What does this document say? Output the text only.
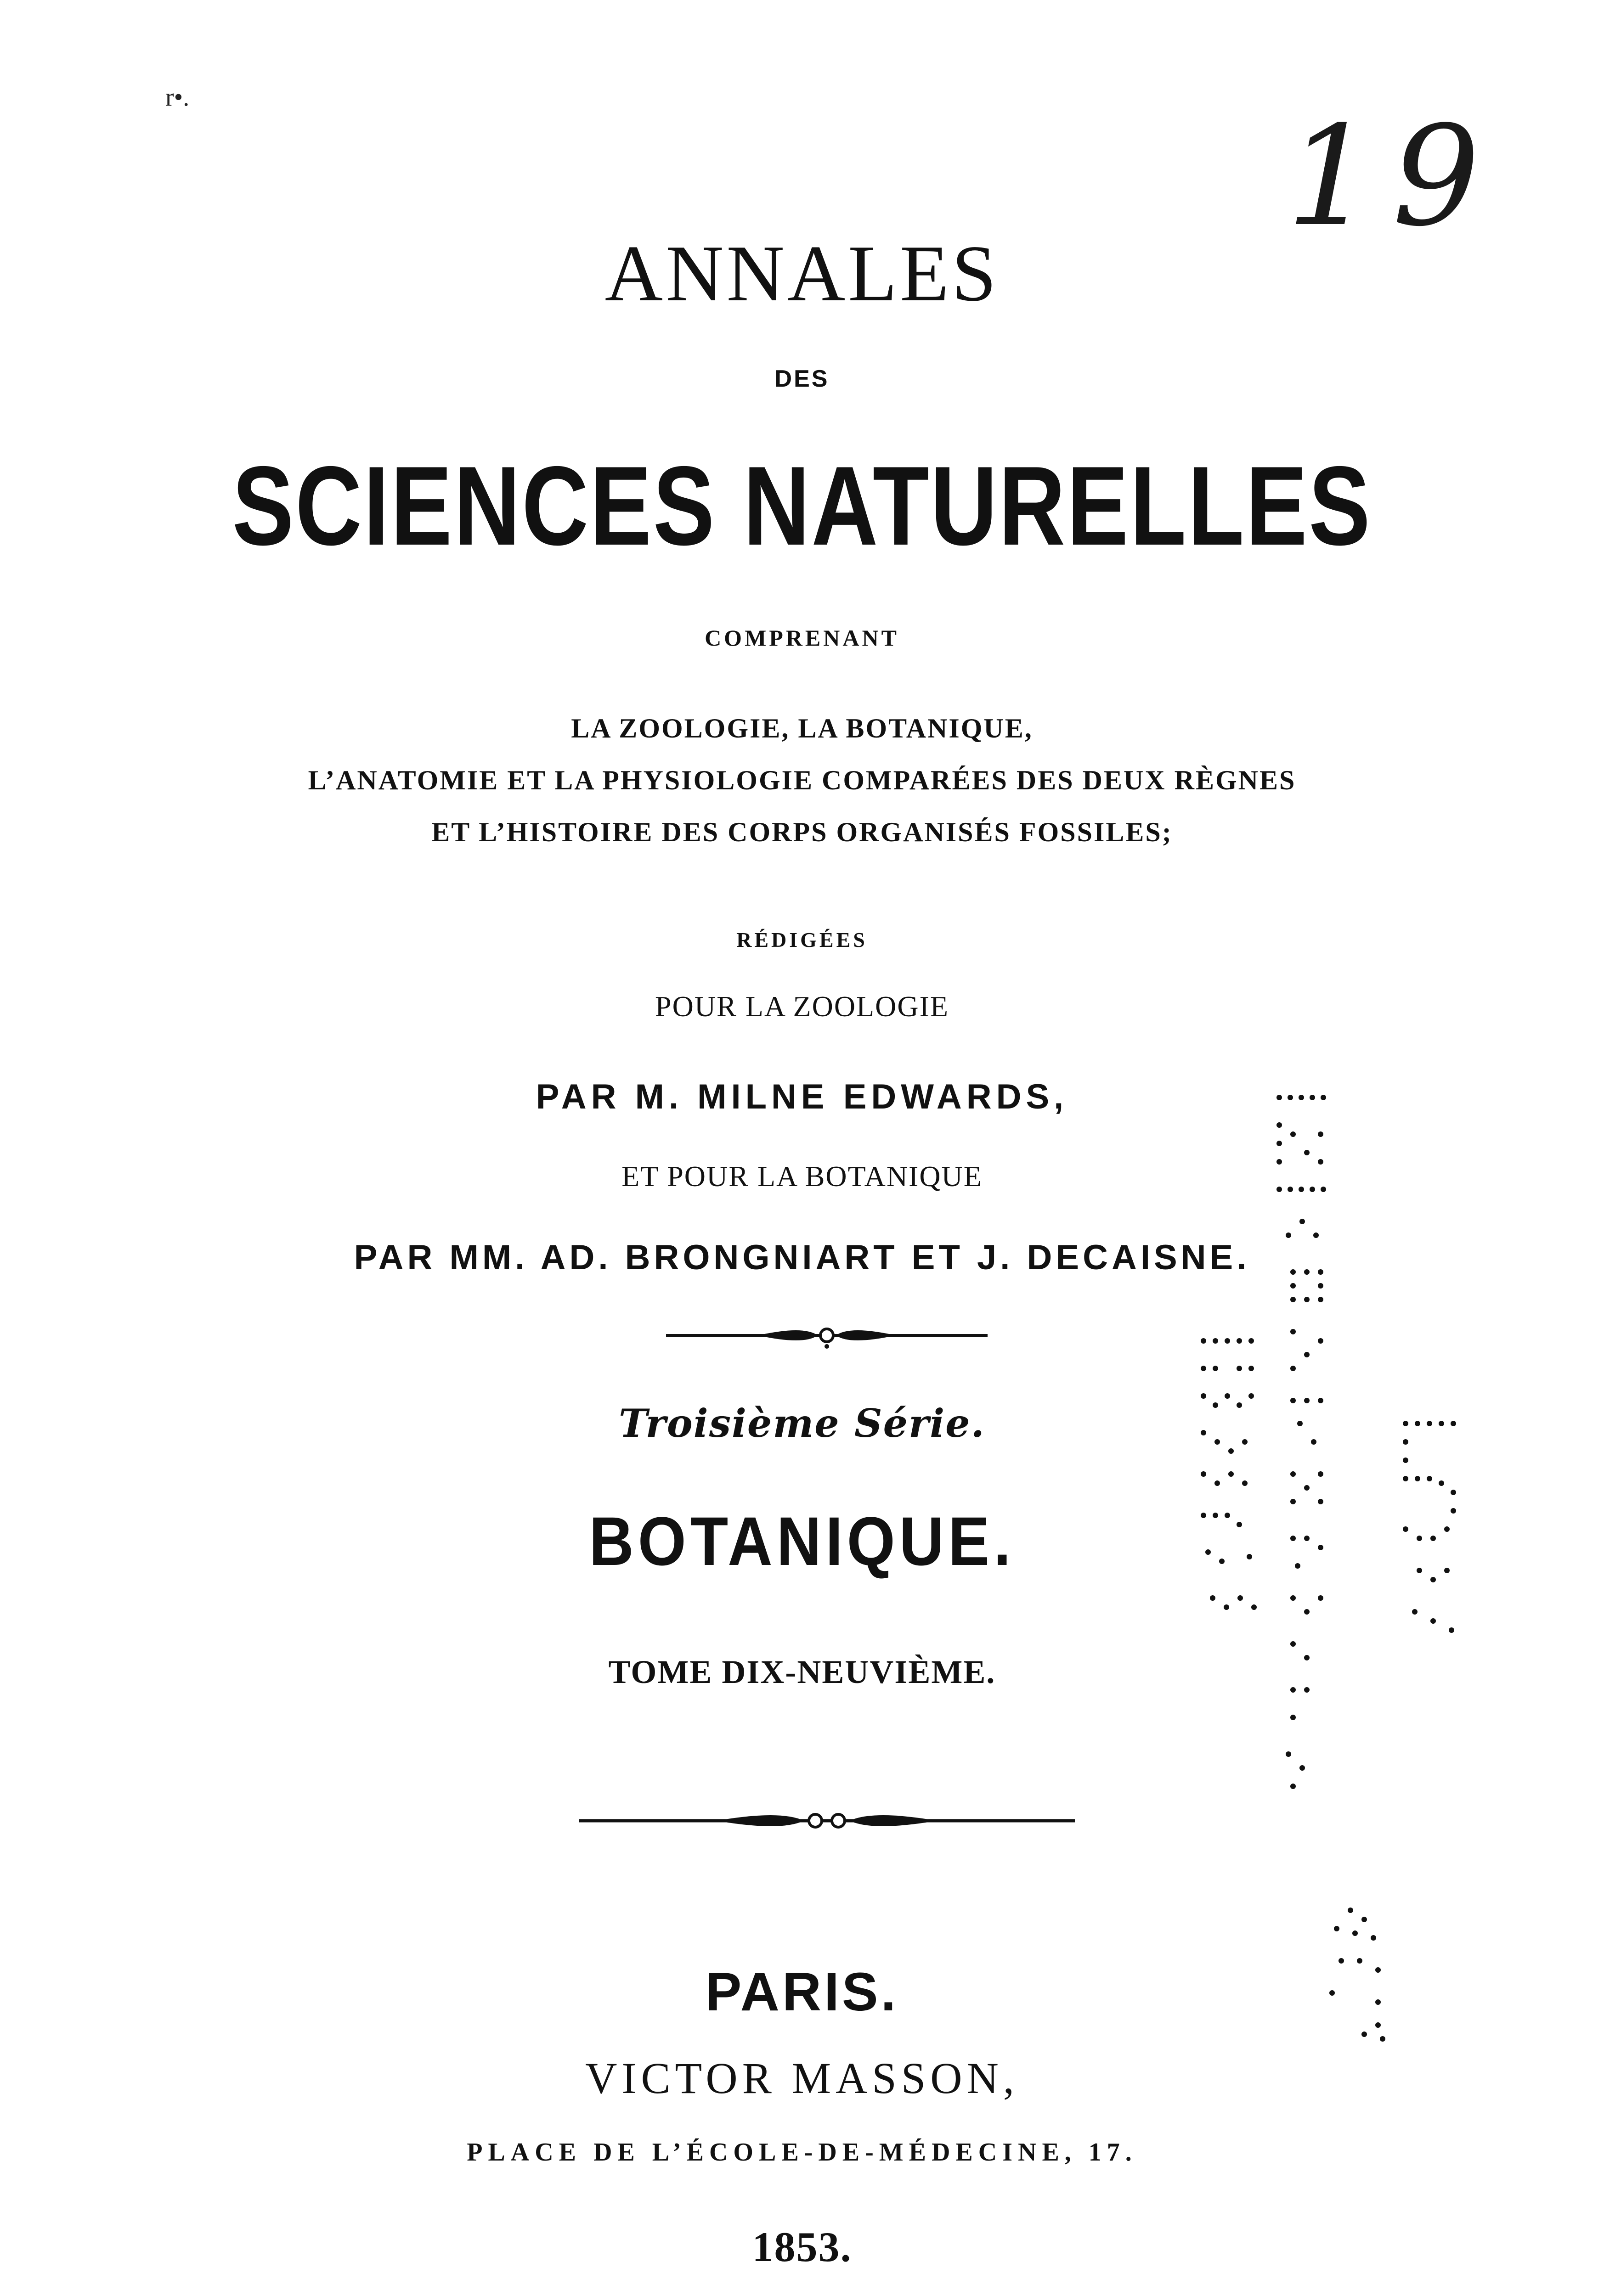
r•.	19
ANNALES
DES
SCIENCES NATURELLES
COMPRENANT
LA ZOOLOGIE, LA BOTANIQUE,
L’ANATOMIE ET LA PHYSIOLOGIE COMPARÉES DES DEUX RÈGNES
ET L’HISTOIRE DES CORPS ORGANISÉS FOSSILES;
RÉDIGÉES
POUR LA ZOOLOGIE
PAR M. MILNE EDWARDS,
ET POUR LA BOTANIQUE
PAR MM. AD. BRONGNIART ET J. DECAISNE.
Troisième Série.
BOTANIQUE.
TOME DIX-NEUVIÈME.
PARIS.
VICTOR MASSON,
PLACE DE L’ÉCOLE-DE-MÉDECINE, 17.
1853.
